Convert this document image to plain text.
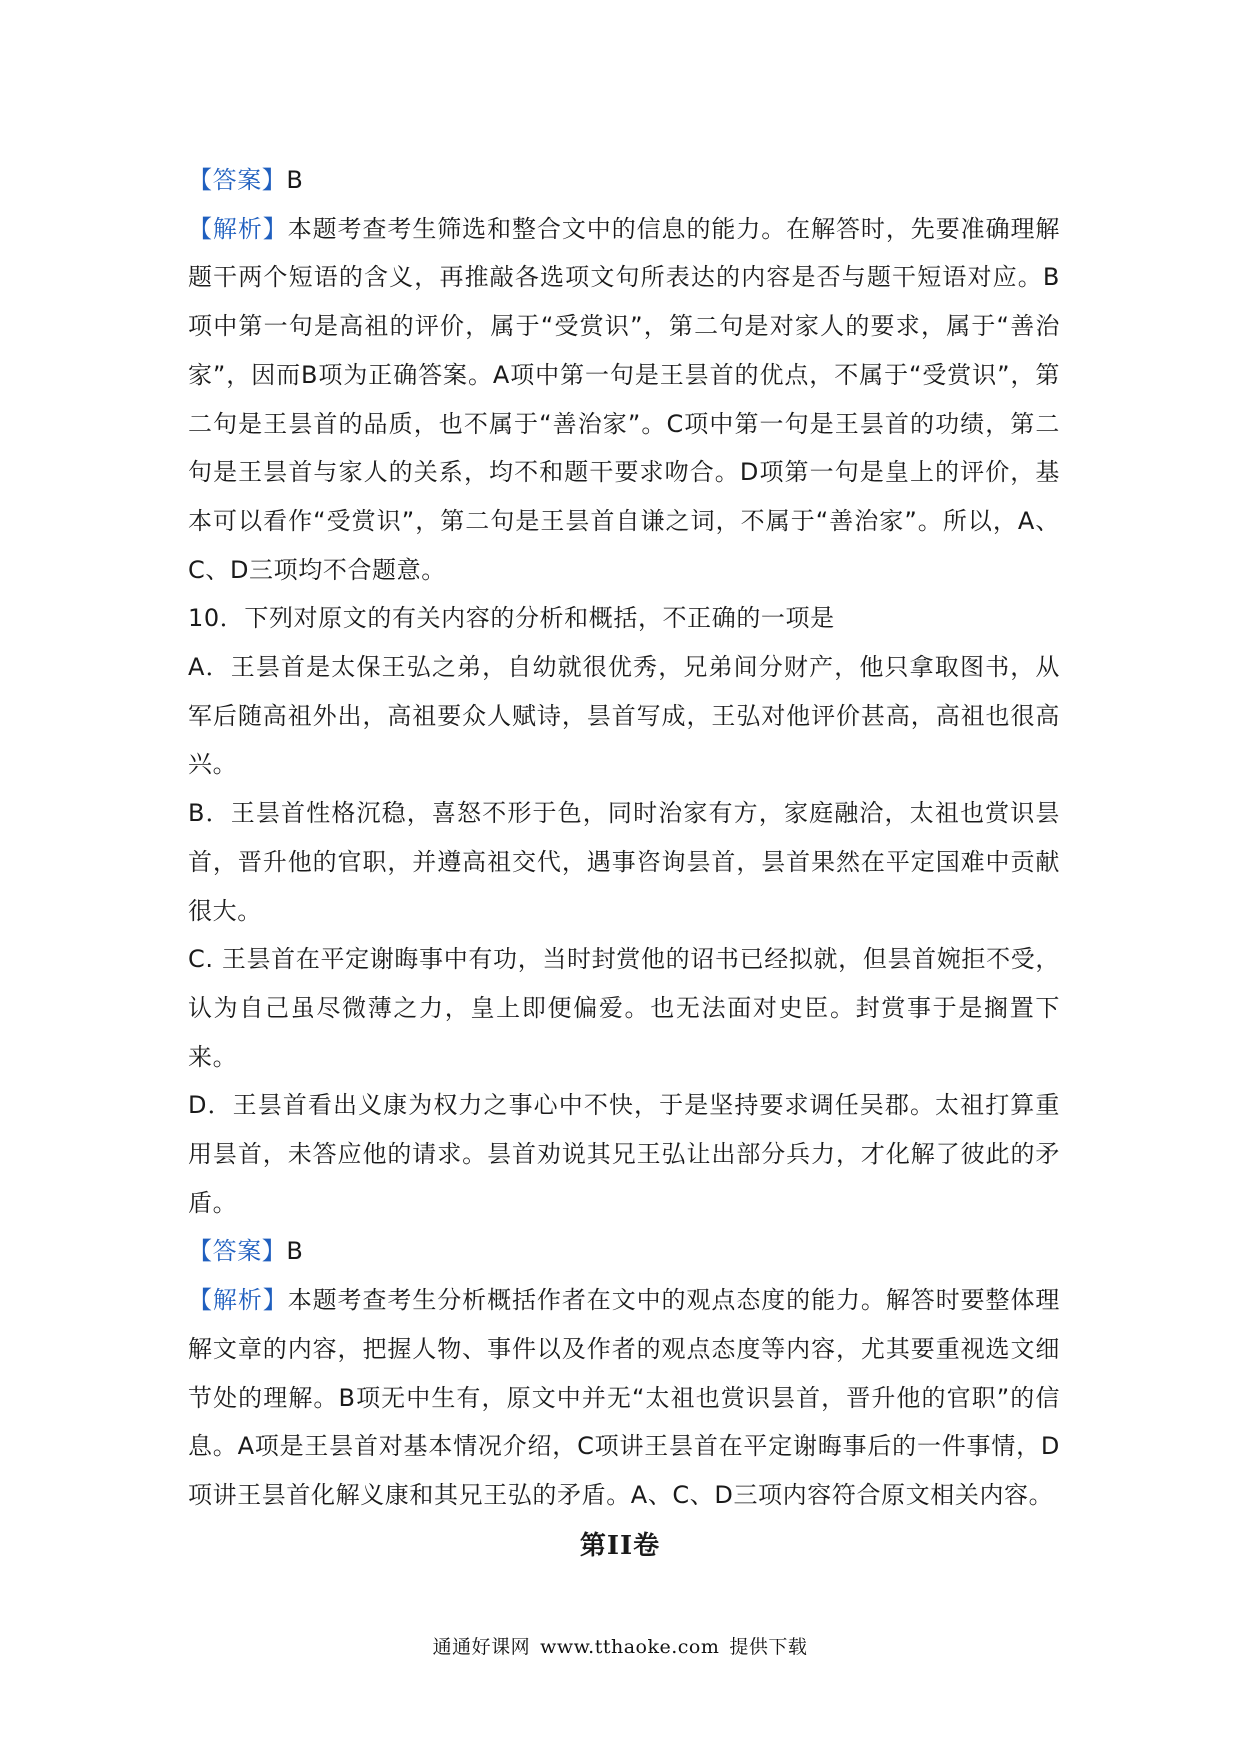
【答案】B

【解析】本题考查考生筛选和整合文中的信息的能力。在解答时，先要准确理解题干两个短语的含义，再推敲各选项文句所表达的内容是否与题干短语对应。B项中第一句是高祖的评价，属于“受赏识”，第二句是对家人的要求，属于“善治家”，因而B项为正确答案。A项中第一句是王昙首的优点，不属于“受赏识”，第二句是王昙首的品质，也不属于“善治家”。C项中第一句是王昙首的功绩，第二句是王昙首与家人的关系，均不和题干要求吻合。D项第一句是皇上的评价，基本可以看作“受赏识”，第二句是王昙首自谦之词，不属于“善治家”。所以，A、C、D三项均不合题意。

10．下列对原文的有关内容的分析和概括，不正确的一项是

A．王昙首是太保王弘之弟，自幼就很优秀，兄弟间分财产，他只拿取图书，从军后随高祖外出，高祖要众人赋诗，昙首写成，王弘对他评价甚高，高祖也很高兴。

B．王昙首性格沉稳，喜怒不形于色，同时治家有方，家庭融洽，太祖也赏识昙首，晋升他的官职，并遵高祖交代，遇事咨询昙首，昙首果然在平定国难中贡献很大。

C. 王昙首在平定谢晦事中有功，当时封赏他的诏书已经拟就，但昙首婉拒不受，认为自己虽尽微薄之力，皇上即便偏爱。也无法面对史臣。封赏事于是搁置下来。

D．王昙首看出义康为权力之事心中不快，于是坚持要求调任吴郡。太祖打算重用昙首，未答应他的请求。昙首劝说其兄王弘让出部分兵力，才化解了彼此的矛盾。

【答案】B

【解析】本题考查考生分析概括作者在文中的观点态度的能力。解答时要整体理解文章的内容，把握人物、事件以及作者的观点态度等内容，尤其要重视选文细节处的理解。B项无中生有，原文中并无“太祖也赏识昙首，晋升他的官职”的信息。A项是王昙首对基本情况介绍，C项讲王昙首在平定谢晦事后的一件事情，D项讲王昙首化解义康和其兄王弘的矛盾。A、C、D三项内容符合原文相关内容。

第II卷
通通好课网 www.tthaoke.com 提供下载
